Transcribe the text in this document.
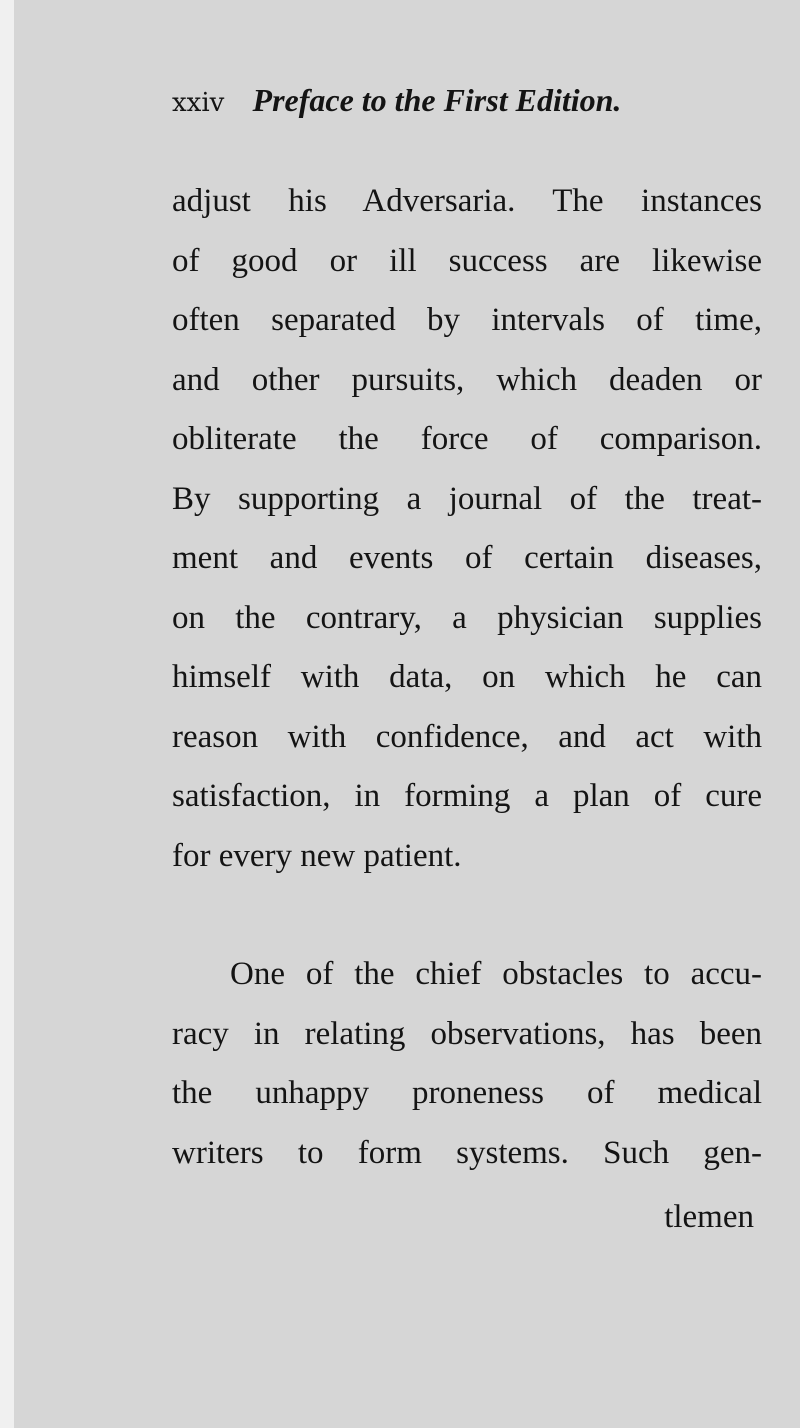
xxiv Preface to the First Edition.
adjust his Adversaria. The instances
of good or ill success are likewise
often separated by intervals of time,
and other pursuits, which deaden or
obliterate the force of comparison.
By supporting a journal of the treat-
ment and events of certain diseases,
on the contrary, a physician supplies
himself with data, on which he can
reason with confidence, and act with
satisfaction, in forming a plan of cure
for every new patient.
One of the chief obstacles to accu-
racy in relating observations, has been
the unhappy proneness of medical
writers to form systems. Such gen-
tlemen
